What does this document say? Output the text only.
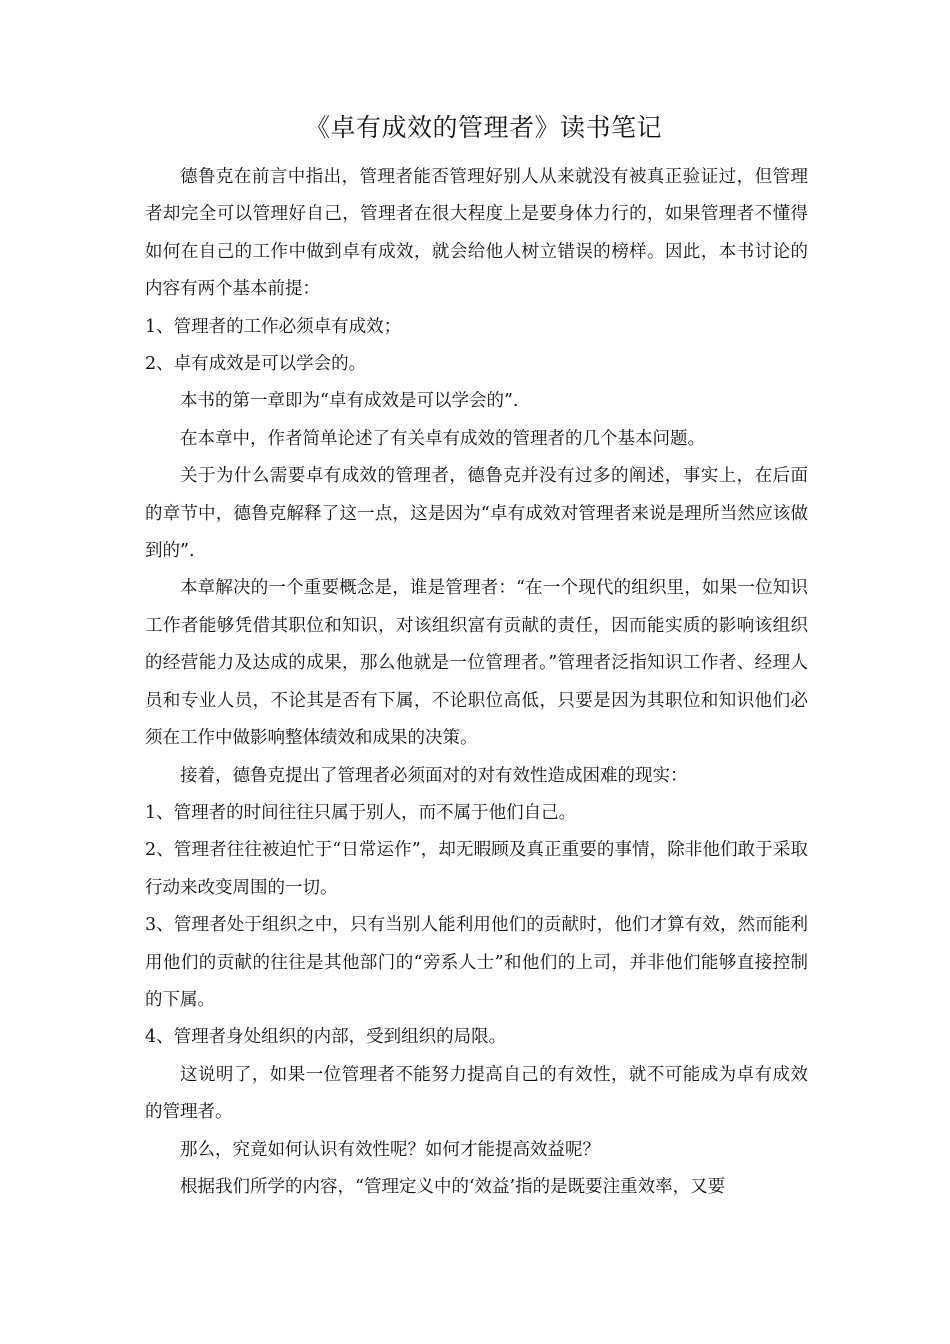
《卓有成效的管理者》读书笔记

德鲁克在前言中指出，管理者能否管理好别人从来就没有被真正验证过，但管理者却完全可以管理好自己，管理者在很大程度上是要身体力行的，如果管理者不懂得如何在自己的工作中做到卓有成效，就会给他人树立错误的榜样。因此，本书讨论的内容有两个基本前提：

1、管理者的工作必须卓有成效；

2、卓有成效是可以学会的。

本书的第一章即为“卓有成效是可以学会的”.

在本章中，作者简单论述了有关卓有成效的管理者的几个基本问题。

关于为什么需要卓有成效的管理者，德鲁克并没有过多的阐述，事实上，在后面的章节中，德鲁克解释了这一点，这是因为“卓有成效对管理者来说是理所当然应该做到的”.

本章解决的一个重要概念是，谁是管理者：“在一个现代的组织里，如果一位知识工作者能够凭借其职位和知识，对该组织富有贡献的责任，因而能实质的影响该组织的经营能力及达成的成果，那么他就是一位管理者。”管理者泛指知识工作者、经理人员和专业人员，不论其是否有下属，不论职位高低，只要是因为其职位和知识他们必须在工作中做影响整体绩效和成果的决策。

接着，德鲁克提出了管理者必须面对的对有效性造成困难的现实：

1、管理者的时间往往只属于别人，而不属于他们自己。

2、管理者往往被迫忙于“日常运作”，却无暇顾及真正重要的事情，除非他们敢于采取行动来改变周围的一切。

3、管理者处于组织之中，只有当别人能利用他们的贡献时，他们才算有效，然而能利用他们的贡献的往往是其他部门的“旁系人士”和他们的上司，并非他们能够直接控制的下属。

4、管理者身处组织的内部，受到组织的局限。

这说明了，如果一位管理者不能努力提高自己的有效性，就不可能成为卓有成效的管理者。

那么，究竟如何认识有效性呢？如何才能提高效益呢？

根据我们所学的内容，“管理定义中的‘效益’指的是既要注重效率，又要
